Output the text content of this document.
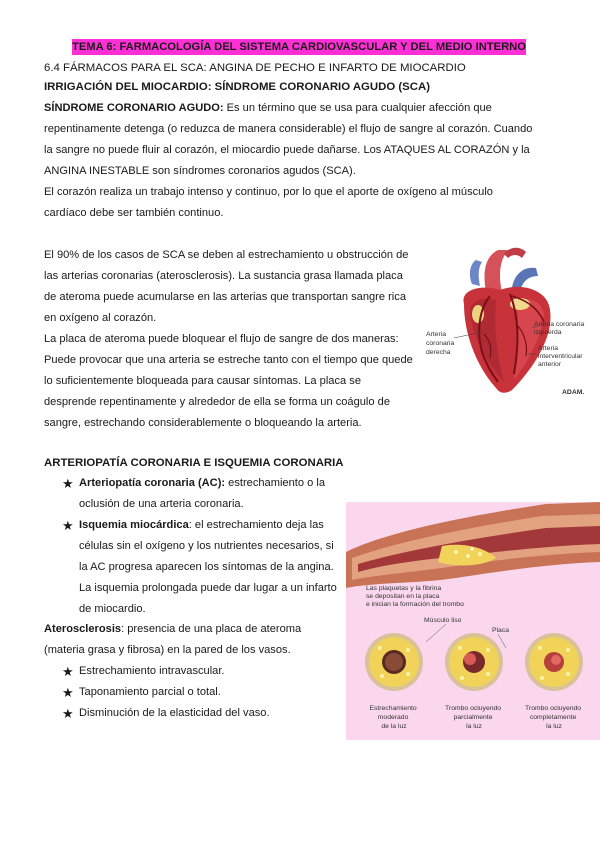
TEMA 6: FARMACOLOGÍA DEL SISTEMA CARDIOVASCULAR Y DEL MEDIO INTERNO
6.4 FÁRMACOS PARA EL SCA: ANGINA DE PECHO E INFARTO DE MIOCARDIO
IRRIGACIÓN DEL MIOCARDIO: SÍNDROME CORONARIO AGUDO (SCA)

SÍNDROME CORONARIO AGUDO: Es un término que se usa para cualquier afección que repentinamente detenga (o reduzca de manera considerable) el flujo de sangre al corazón. Cuando la sangre no puede fluir al corazón, el miocardio puede dañarse. Los ATAQUES AL CORAZÓN y la ANGINA INESTABLE son síndromes coronarios agudos (SCA).

El corazón realiza un trabajo intenso y continuo, por lo que el aporte de oxígeno al músculo cardíaco debe ser también continuo.

El 90% de los casos de SCA se deben al estrechamiento u obstrucción de las arterias coronarias (aterosclerosis). La sustancia grasa llamada placa de ateroma puede acumularse en las arterias que transportan sangre rica en oxígeno al corazón.

La placa de ateroma puede bloquear el flujo de sangre de dos maneras: Puede provocar que una arteria se estreche tanto con el tiempo que quede lo suficientemente bloqueada para causar síntomas. La placa se desprende repentinamente y alrededor de ella se forma un coágulo de sangre, estrechando considerablemente o bloqueando la arteria.

Arteria coronaria derecha
Arteria coronaria izquierda
Arteria interventricular anterior
ADAM.
ARTERIOPATÍA CORONARIA E ISQUEMIA CORONARIA
★ Arteriopatía coronaria (AC): estrechamiento o la oclusión de una arteria coronaria.
★ Isquemia miocárdica: el estrechamiento deja las células sin el oxígeno y los nutrientes necesarios, si la AC progresa aparecen los síntomas de la angina. La isquemia prolongada puede dar lugar a un infarto de miocardio.

Aterosclerosis: presencia de una placa de ateroma (materia grasa y fibrosa) en la pared de los vasos.

★ Estrechamiento intravascular.
★ Taponamiento parcial o total.
★ Disminución de la elasticidad del vaso.
Las plaquetas y la fibrina se depositan en la placa e inician la formación del trombo
Músculo liso
Placa
Estrechamiento moderado de la luz
Trombo ocluyendo parcialmente la luz
Trombo ocluyendo completamente la luz
